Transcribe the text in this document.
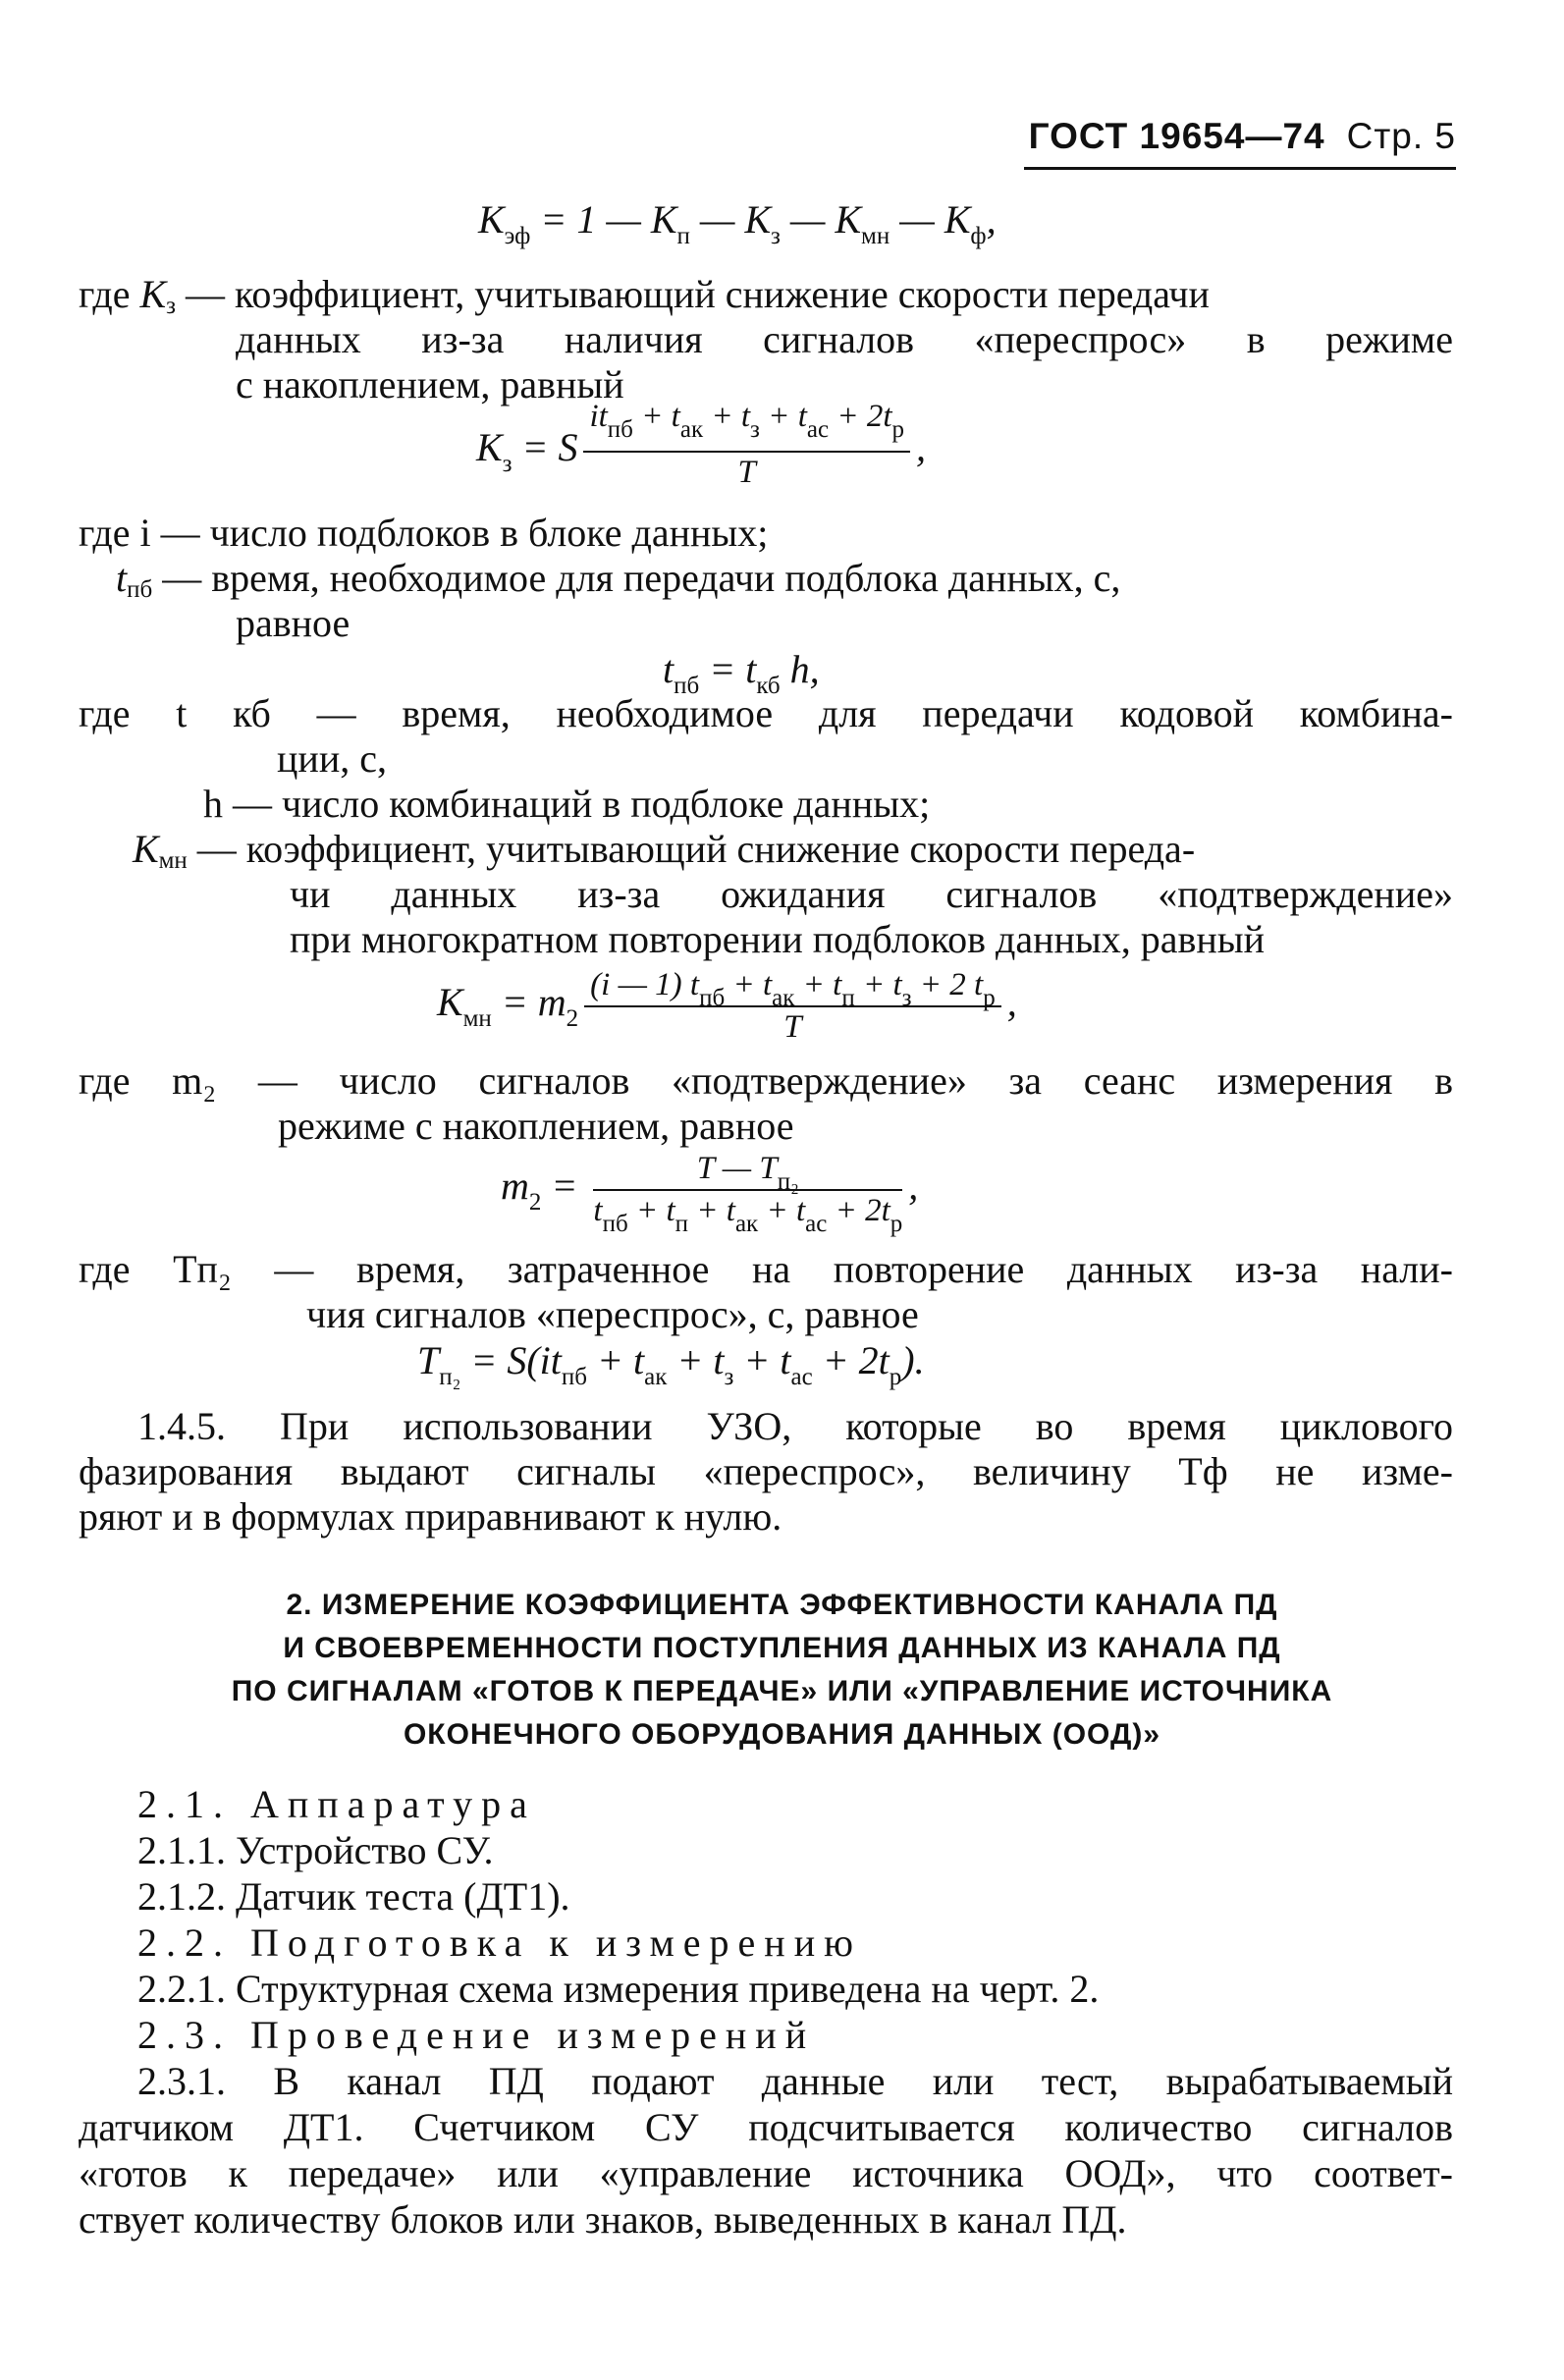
ГОСТ 19654—74 Стр. 5
$К_{эф} = 1$ — $К_п$ — $К_з$ — $К_{мн}$ — $К_ф$,
где Кз — коэффициент, учитывающий снижение скорости передачи
данных из-за наличия сигналов «переспрос» в режиме
с накоплением, равный
$К_з = S \frac{it_{пб} + t_{ак} + t_з + t_{ас} + 2t_р}{T}$ ,
где i — число подблоков в блоке данных;
tпб — время, необходимое для передачи подблока данных, с,
равное
$t_{пб} = t_{кб}$ h,
где t кб — время, необходимое для передачи кодовой комбина-
ции, с,
h — число комбинаций в подблоке данных;
Кмн — коэффициент, учитывающий снижение скорости переда-
чи данных из-за ожидания сигналов «подтверждение»
при многократном повторении подблоков данных, равный
$К_{мн} = m_2 \frac{(i — 1) t_{пб} + t_{ак} + t_п + t_з + 2 t_р}{T}$ ,
где m₂ — число сигналов «подтверждение» за сеанс измерения в
режиме с накоплением, равное
$m_2 = \frac{T — T_{п_2}}{t_{пб} + t_п + t_{ак} + t_{ас} + 2t_р}$ ,
где Tп₂ — время, затраченное на повторение данных из-за нали-
чия сигналов «переспрос», с, равное
$T_{п_2} = S(it_{пб} + t_{ак} + t_з + t_{ас} + 2t_р)$.
1.4.5. При использовании УЗО, которые во время циклового
фазирования выдают сигналы «переспрос», величину Tф не изме-
ряют и в формулах приравнивают к нулю.
2. ИЗМЕРЕНИЕ КОЭФФИЦИЕНТА ЭФФЕКТИВНОСТИ КАНАЛА ПД
И СВОЕВРЕМЕННОСТИ ПОСТУПЛЕНИЯ ДАННЫХ ИЗ КАНАЛА ПД
ПО СИГНАЛАМ «ГОТОВ К ПЕРЕДАЧЕ» ИЛИ «УПРАВЛЕНИЕ ИСТОЧНИКА
ОКОНЕЧНОГО ОБОРУДОВАНИЯ ДАННЫХ (ООД)»
2.1. Аппаратура
2.1.1. Устройство СУ.
2.1.2. Датчик теста (ДТ1).
2.2. Подготовка к измерению
2.2.1. Структурная схема измерения приведена на черт. 2.
2.3. Проведение измерений
2.3.1. В канал ПД подают данные или тест, вырабатываемый
датчиком ДТ1. Счетчиком СУ подсчитывается количество сигналов
«готов к передаче» или «управление источника ООД», что соответ-
ствует количеству блоков или знаков, выведенных в канал ПД.
